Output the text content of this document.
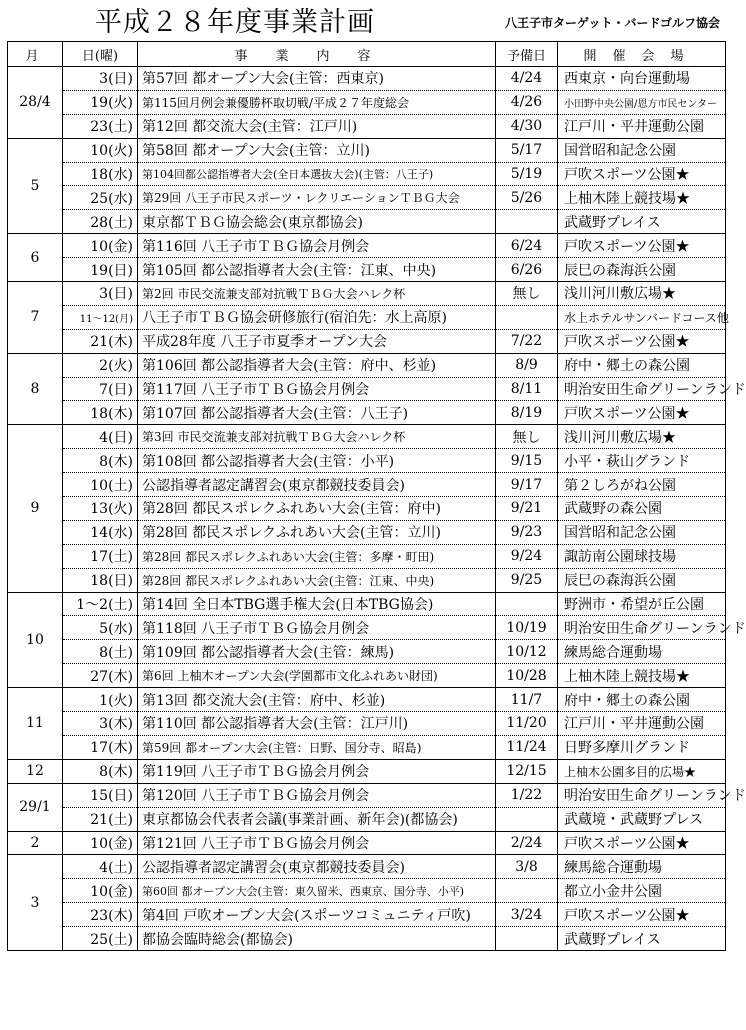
平成２８年度事業計画	八王子市ターゲット・バードゴルフ協会
月	日(曜)	事業内容	予備日	開催会場
28/4	3(日)	第57回 都オープン大会(主管：西東京)	4/24	西東京・向台運動場
	19(火)	第115回月例会兼優勝杯取切戦/平成２７年度総会	4/26	小田野中央公園/恩方市民センター
	23(土)	第12回 都交流大会(主管：江戸川)	4/30	江戸川・平井運動公園
5	10(火)	第58回 都オープン大会(主管：立川)	5/17	国営昭和記念公園
	18(水)	第104回都公認指導者大会(全日本選抜大会)(主管：八王子)	5/19	戸吹スポーツ公園★
	25(水)	第29回 八王子市民スポーツ・レクリエーションＴＢＧ大会	5/26	上柚木陸上競技場★
	28(土)	東京都ＴＢＧ協会総会(東京都協会)		武蔵野プレイス
6	10(金)	第116回 八王子市ＴＢＧ協会月例会	6/24	戸吹スポーツ公園★
	19(日)	第105回 都公認指導者大会(主管：江東、中央)	6/26	辰巳の森海浜公園
7	3(日)	第2回 市民交流兼支部対抗戦ＴＢＧ大会ハレク杯	無し	浅川河川敷広場★
	11～12(月)	八王子市ＴＢＧ協会研修旅行(宿泊先：水上高原)		水上ホテルサンバードコース他
	21(木)	平成28年度 八王子市夏季オープン大会	7/22	戸吹スポーツ公園★
8	2(火)	第106回 都公認指導者大会(主管：府中、杉並)	8/9	府中・郷土の森公園
	7(日)	第117回 八王子市ＴＢＧ協会月例会	8/11	明治安田生命グリーンランド
	18(木)	第107回 都公認指導者大会(主管：八王子)	8/19	戸吹スポーツ公園★
9	4(日)	第3回 市民交流兼支部対抗戦ＴＢＧ大会ハレク杯	無し	浅川河川敷広場★
	8(木)	第108回 都公認指導者大会(主管：小平)	9/15	小平・萩山グランド
	10(土)	公認指導者認定講習会(東京都競技委員会)	9/17	第２しろがね公園
	13(火)	第28回 都民スポレクふれあい大会(主管：府中)	9/21	武蔵野の森公園
	14(水)	第28回 都民スポレクふれあい大会(主管：立川)	9/23	国営昭和記念公園
	17(土)	第28回 都民スポレクふれあい大会(主管：多摩・町田)	9/24	諏訪南公園球技場
	18(日)	第28回 都民スポレクふれあい大会(主管：江東、中央)	9/25	辰巳の森海浜公園
10	1～2(土)	第14回 全日本TBG選手権大会(日本TBG協会)		野洲市・希望が丘公園
	5(水)	第118回 八王子市ＴＢＧ協会月例会	10/19	明治安田生命グリーンランド
	8(土)	第109回 都公認指導者大会(主管：練馬)	10/12	練馬総合運動場
	27(木)	第6回 上柚木オープン大会(学園都市文化ふれあい財団)	10/28	上柚木陸上競技場★
11	1(火)	第13回 都交流大会(主管：府中、杉並)	11/7	府中・郷土の森公園
	3(木)	第110回 都公認指導者大会(主管：江戸川)	11/20	江戸川・平井運動公園
	17(木)	第59回 都オープン大会(主管：日野、国分寺、昭島)	11/24	日野多摩川グランド
12	8(木)	第119回 八王子市ＴＢＧ協会月例会	12/15	上柚木公園多目的広場★
29/1	15(日)	第120回 八王子市ＴＢＧ協会月例会	1/22	明治安田生命グリーンランド
	21(土)	東京都協会代表者会議(事業計画、新年会)(都協会)		武蔵境・武蔵野プレス
2	10(金)	第121回 八王子市ＴＢＧ協会月例会	2/24	戸吹スポーツ公園★
3	4(土)	公認指導者認定講習会(東京都競技委員会)	3/8	練馬総合運動場
	10(金)	第60回 都オープン大会(主管：東久留米、西東京、国分寺、小平)		都立小金井公園
	23(木)	第4回 戸吹オープン大会(スポーツコミュニティ戸吹)	3/24	戸吹スポーツ公園★
	25(土)	都協会臨時総会(都協会)		武蔵野プレイス
